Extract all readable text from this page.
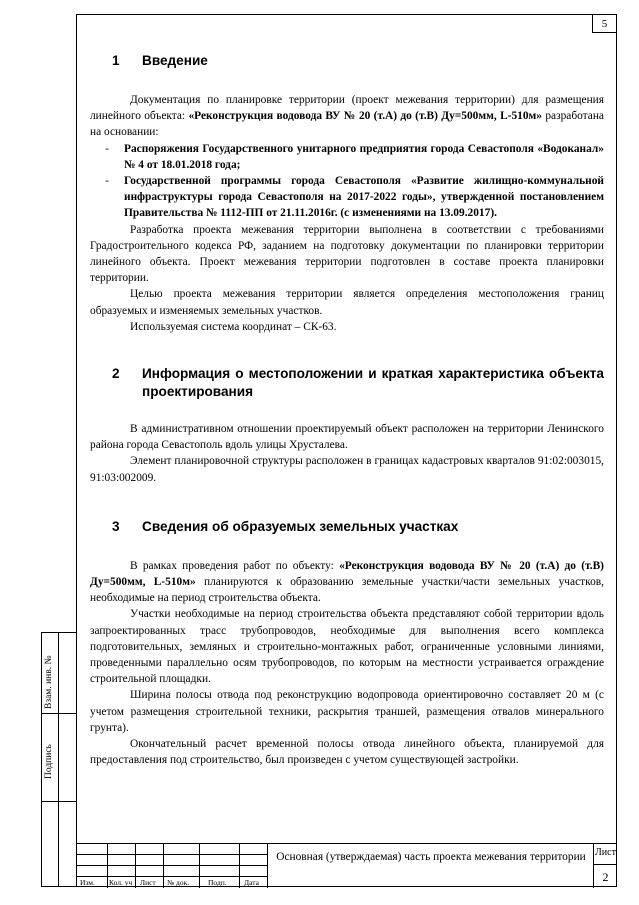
5
1	Введение

Документация по планировке территории (проект межевания территории) для размещения линейного объекта: «Реконструкция водовода ВУ № 20 (т.А) до (т.В) Ду=500мм, L-510м» разработана на основании:

-	Распоряжения Государственного унитарного предприятия города Севастополя «Водоканал» № 4 от 18.01.2018 года;
-	Государственной программы города Севастополя «Развитие жилищно-коммунальной инфраструктуры города Севастополя на 2017-2022 годы», утвержденной постановлением Правительства № 1112-ПП от 21.11.2016г. (с изменениями на 13.09.2017).

Разработка проекта межевания территории выполнена в соответствии с требованиями Градостроительного кодекса РФ, заданием на подготовку документации по планировки территории линейного объекта. Проект межевания территории подготовлен в составе проекта планировки территории.

Целью проекта межевания территории является определения местоположения границ образуемых и изменяемых земельных участков.

Используемая система координат – СК-63.

2	Информация о местоположении и краткая характеристика объекта проектирования

В административном отношении проектируемый объект расположен на территории Ленинского района города Севастополь вдоль улицы Хрусталева.

Элемент планировочной структуры расположен в границах кадастровых кварталов 91:02:003015, 91:03:002009.

3	Сведения об образуемых земельных участках

В рамках проведения работ по объекту: «Реконструкция водовода ВУ № 20 (т.А) до (т.В) Ду=500мм, L-510м» планируются к образованию земельные участки/части земельных участков, необходимые на период строительства объекта.

Участки необходимые на период строительства объекта представляют собой территории вдоль запроектированных трасс трубопроводов, необходимые для выполнения всего комплекса подготовительных, земляных и строительно-монтажных работ, ограниченные условными линиями, проведенными параллельно осям трубопроводов, по которым на местности устраивается ограждение строительной площадки.

Ширина полосы отвода под реконструкцию водопровода ориентировочно составляет 20 м (с учетом размещения строительной техники, раскрытия траншей, размещения отвалов минерального грунта).

Окончательный расчет временной полосы отвода линейного объекта, планируемой для предоставления под строительство, был произведен с учетом существующей застройки.

Взам. инв. №
Подпись
Изм. Кол. уч Лист № док.	Подп. Дата
Основная (утверждаемая) часть проекта межевания территории Лист
2
